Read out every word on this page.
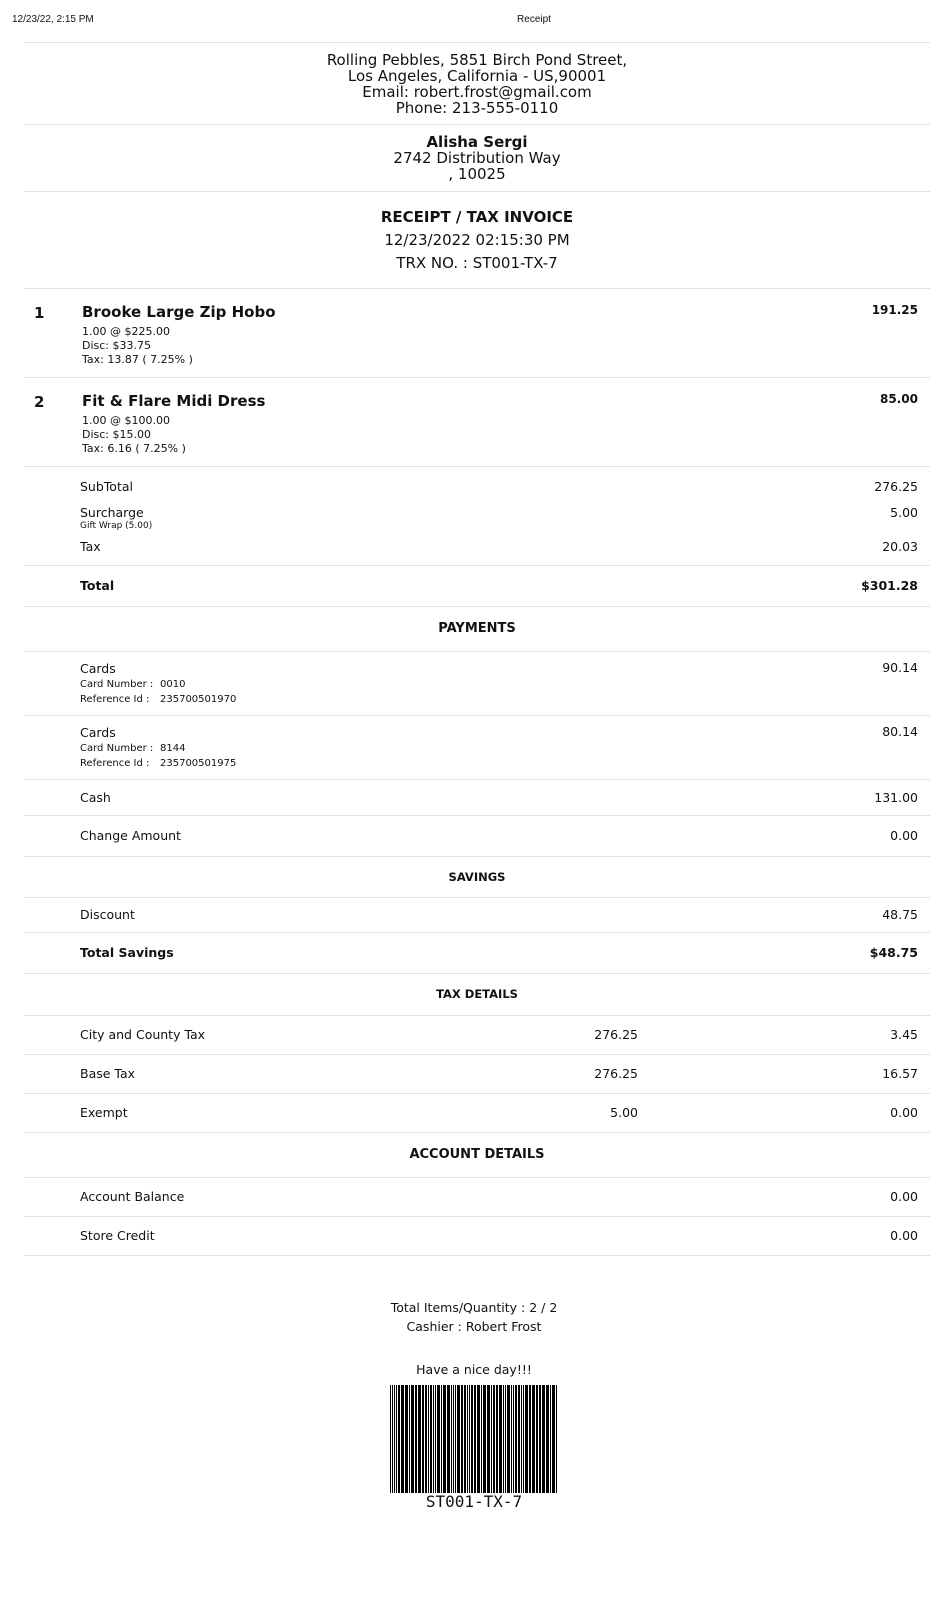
12/23/22, 2:15 PM	Receipt
Rolling Pebbles, 5851 Birch Pond Street,
Los Angeles, California - US,90001
Email: robert.frost@gmail.com
Phone: 213-555-0110
Alisha Sergi
2742 Distribution Way
, 10025
RECEIPT / TAX INVOICE
12/23/2022 02:15:30 PM
TRX NO. : ST001-TX-7
1	Brooke Large Zip Hobo
1.00 @ $225.00
Disc: $33.75
Tax: 13.87 ( 7.25% )
191.25
2	Fit & Flare Midi Dress
1.00 @ $100.00
Disc: $15.00
Tax: 6.16 ( 7.25% )
85.00
SubTotal	276.25
Surcharge	5.00
Gift Wrap (5.00)
Tax	20.03
Total	$301.28
PAYMENTS
Cards
Card Number : 0010
Reference Id : 235700501970
90.14
Cards
Card Number : 8144
Reference Id : 235700501975
80.14
Cash	131.00
Change Amount	0.00
SAVINGS
Discount	48.75
Total Savings	$48.75
TAX DETAILS
City and County Tax	276.25	3.45
Base Tax	276.25	16.57
Exempt	5.00	0.00
ACCOUNT DETAILS
Account Balance	0.00
Store Credit	0.00
Total Items/Quantity : 2 / 2
Cashier : Robert Frost
Have a nice day!!!
ST001-TX-7
